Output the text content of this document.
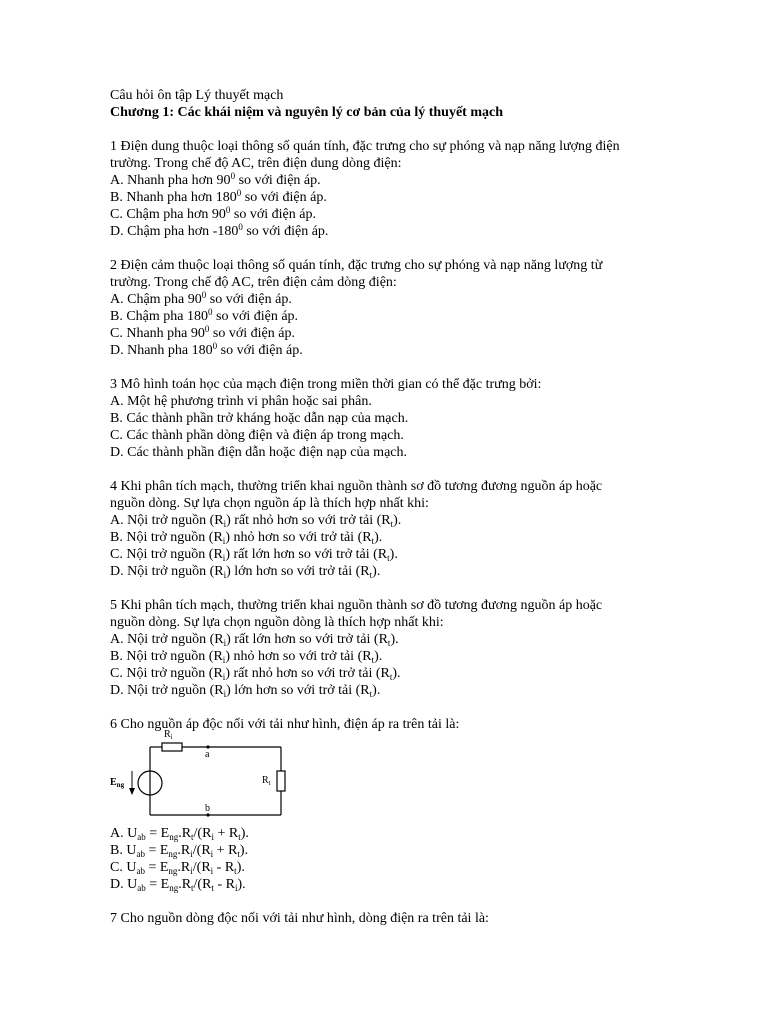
Câu hỏi ôn tập Lý thuyết mạch
Chương 1: Các khái niệm và nguyên lý cơ bản của lý thuyết mạch
1 Điện dung thuộc loại thông số quán tính, đặc trưng cho sự phóng và nạp năng lượng điện
trường. Trong chế độ AC, trên điện dung dòng điện:
A. Nhanh pha hơn $90^0$ so với điện áp.
B. Nhanh pha hơn $180^0$ so với điện áp.
C. Chậm pha hơn $90^0$ so với điện áp.
D. Chậm pha hơn $-180^0$ so với điện áp.
2 Điện cảm thuộc loại thông số quán tính, đặc trưng cho sự phóng và nạp năng lượng từ
trường. Trong chế độ AC, trên điện cảm dòng điện:
A. Chậm pha $90^0$ so với điện áp.
B. Chậm pha $180^0$ so với điện áp.
C. Nhanh pha $90^0$ so với điện áp.
D. Nhanh pha $180^0$ so với điện áp.
3 Mô hình toán học của mạch điện trong miền thời gian có thể đặc trưng bởi:
A. Một hệ phương trình vi phân hoặc sai phân.
B. Các thành phần trở kháng hoặc dẫn nạp của mạch.
C. Các thành phần dòng điện và điện áp trong mạch.
D. Các thành phần điện dẫn hoặc điện nạp của mạch.
4 Khi phân tích mạch, thường triển khai nguồn thành sơ đồ tương đương nguồn áp hoặc
nguồn dòng. Sự lựa chọn nguồn áp là thích hợp nhất khi:
A. Nội trở nguồn $(R_i)$ rất nhỏ hơn so với trở tải $(R_t)$.
B. Nội trở nguồn $(R_i)$ nhỏ hơn so với trở tải $(R_t)$.
C. Nội trở nguồn $(R_i)$ rất lớn hơn so với trở tải $(R_t)$.
D. Nội trở nguồn $(R_i)$ lớn hơn so với trở tải $(R_t)$.
5 Khi phân tích mạch, thường triển khai nguồn thành sơ đồ tương đương nguồn áp hoặc
nguồn dòng. Sự lựa chọn nguồn dòng là thích hợp nhất khi:
A. Nội trở nguồn $(R_i)$ rất lớn hơn so với trở tải $(R_t)$.
B. Nội trở nguồn $(R_i)$ nhỏ hơn so với trở tải $(R_t)$.
C. Nội trở nguồn $(R_i)$ rất nhỏ hơn so với trở tải $(R_t)$.
D. Nội trở nguồn $(R_i)$ lớn hơn so với trở tải $(R_t)$.
6 Cho nguồn áp độc nối với tải như hình, điện áp ra trên tải là:
$R_i$
a
$R_t$
$E_{ng}$
b
A. $U_{ab} = E_{ng}.R_t/(R_i + R_t)$.
B. $U_{ab} = E_{ng}.R_i/(R_i + R_t)$.
C. $U_{ab} = E_{ng}.R_i/(R_i - R_t)$.
D. $U_{ab} = E_{ng}.R_t/(R_t - R_i)$.
7 Cho nguồn dòng độc nối với tải như hình, dòng điện ra trên tải là:
